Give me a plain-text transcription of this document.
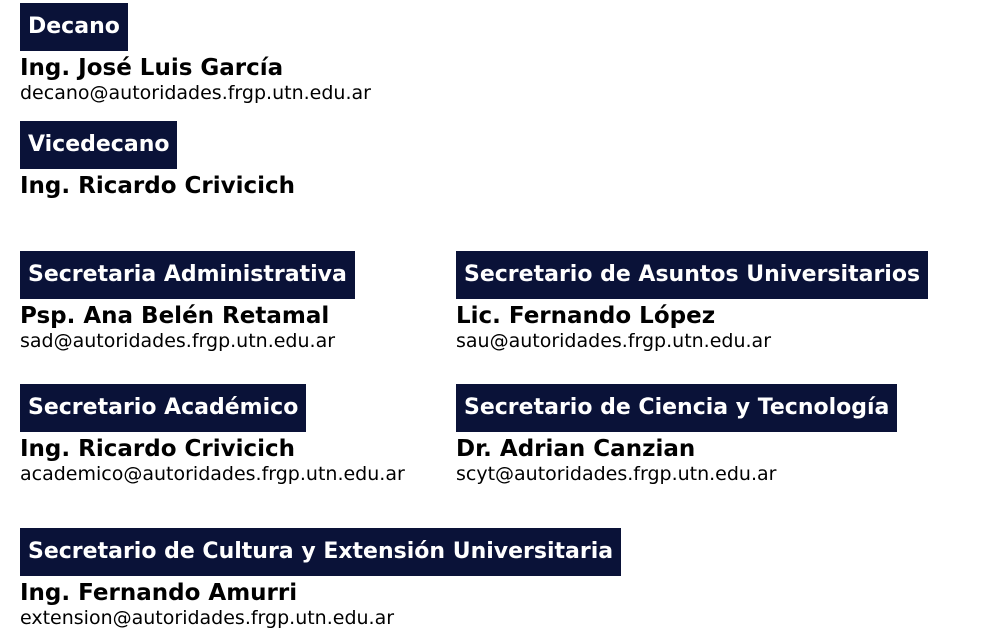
Decano
Ing. José Luis García
decano@autoridades.frgp.utn.edu.ar
Vicedecano
Ing. Ricardo Crivicich
Secretaria Administrativa
Psp. Ana Belén Retamal
sad@autoridades.frgp.utn.edu.ar
Secretario de Asuntos Universitarios
Lic. Fernando López
sau@autoridades.frgp.utn.edu.ar
Secretario Académico
Ing. Ricardo Crivicich
academico@autoridades.frgp.utn.edu.ar
Secretario de Ciencia y Tecnología
Dr. Adrian Canzian
scyt@autoridades.frgp.utn.edu.ar
Secretario de Cultura y Extensión Universitaria
Ing. Fernando Amurri
extension@autoridades.frgp.utn.edu.ar
